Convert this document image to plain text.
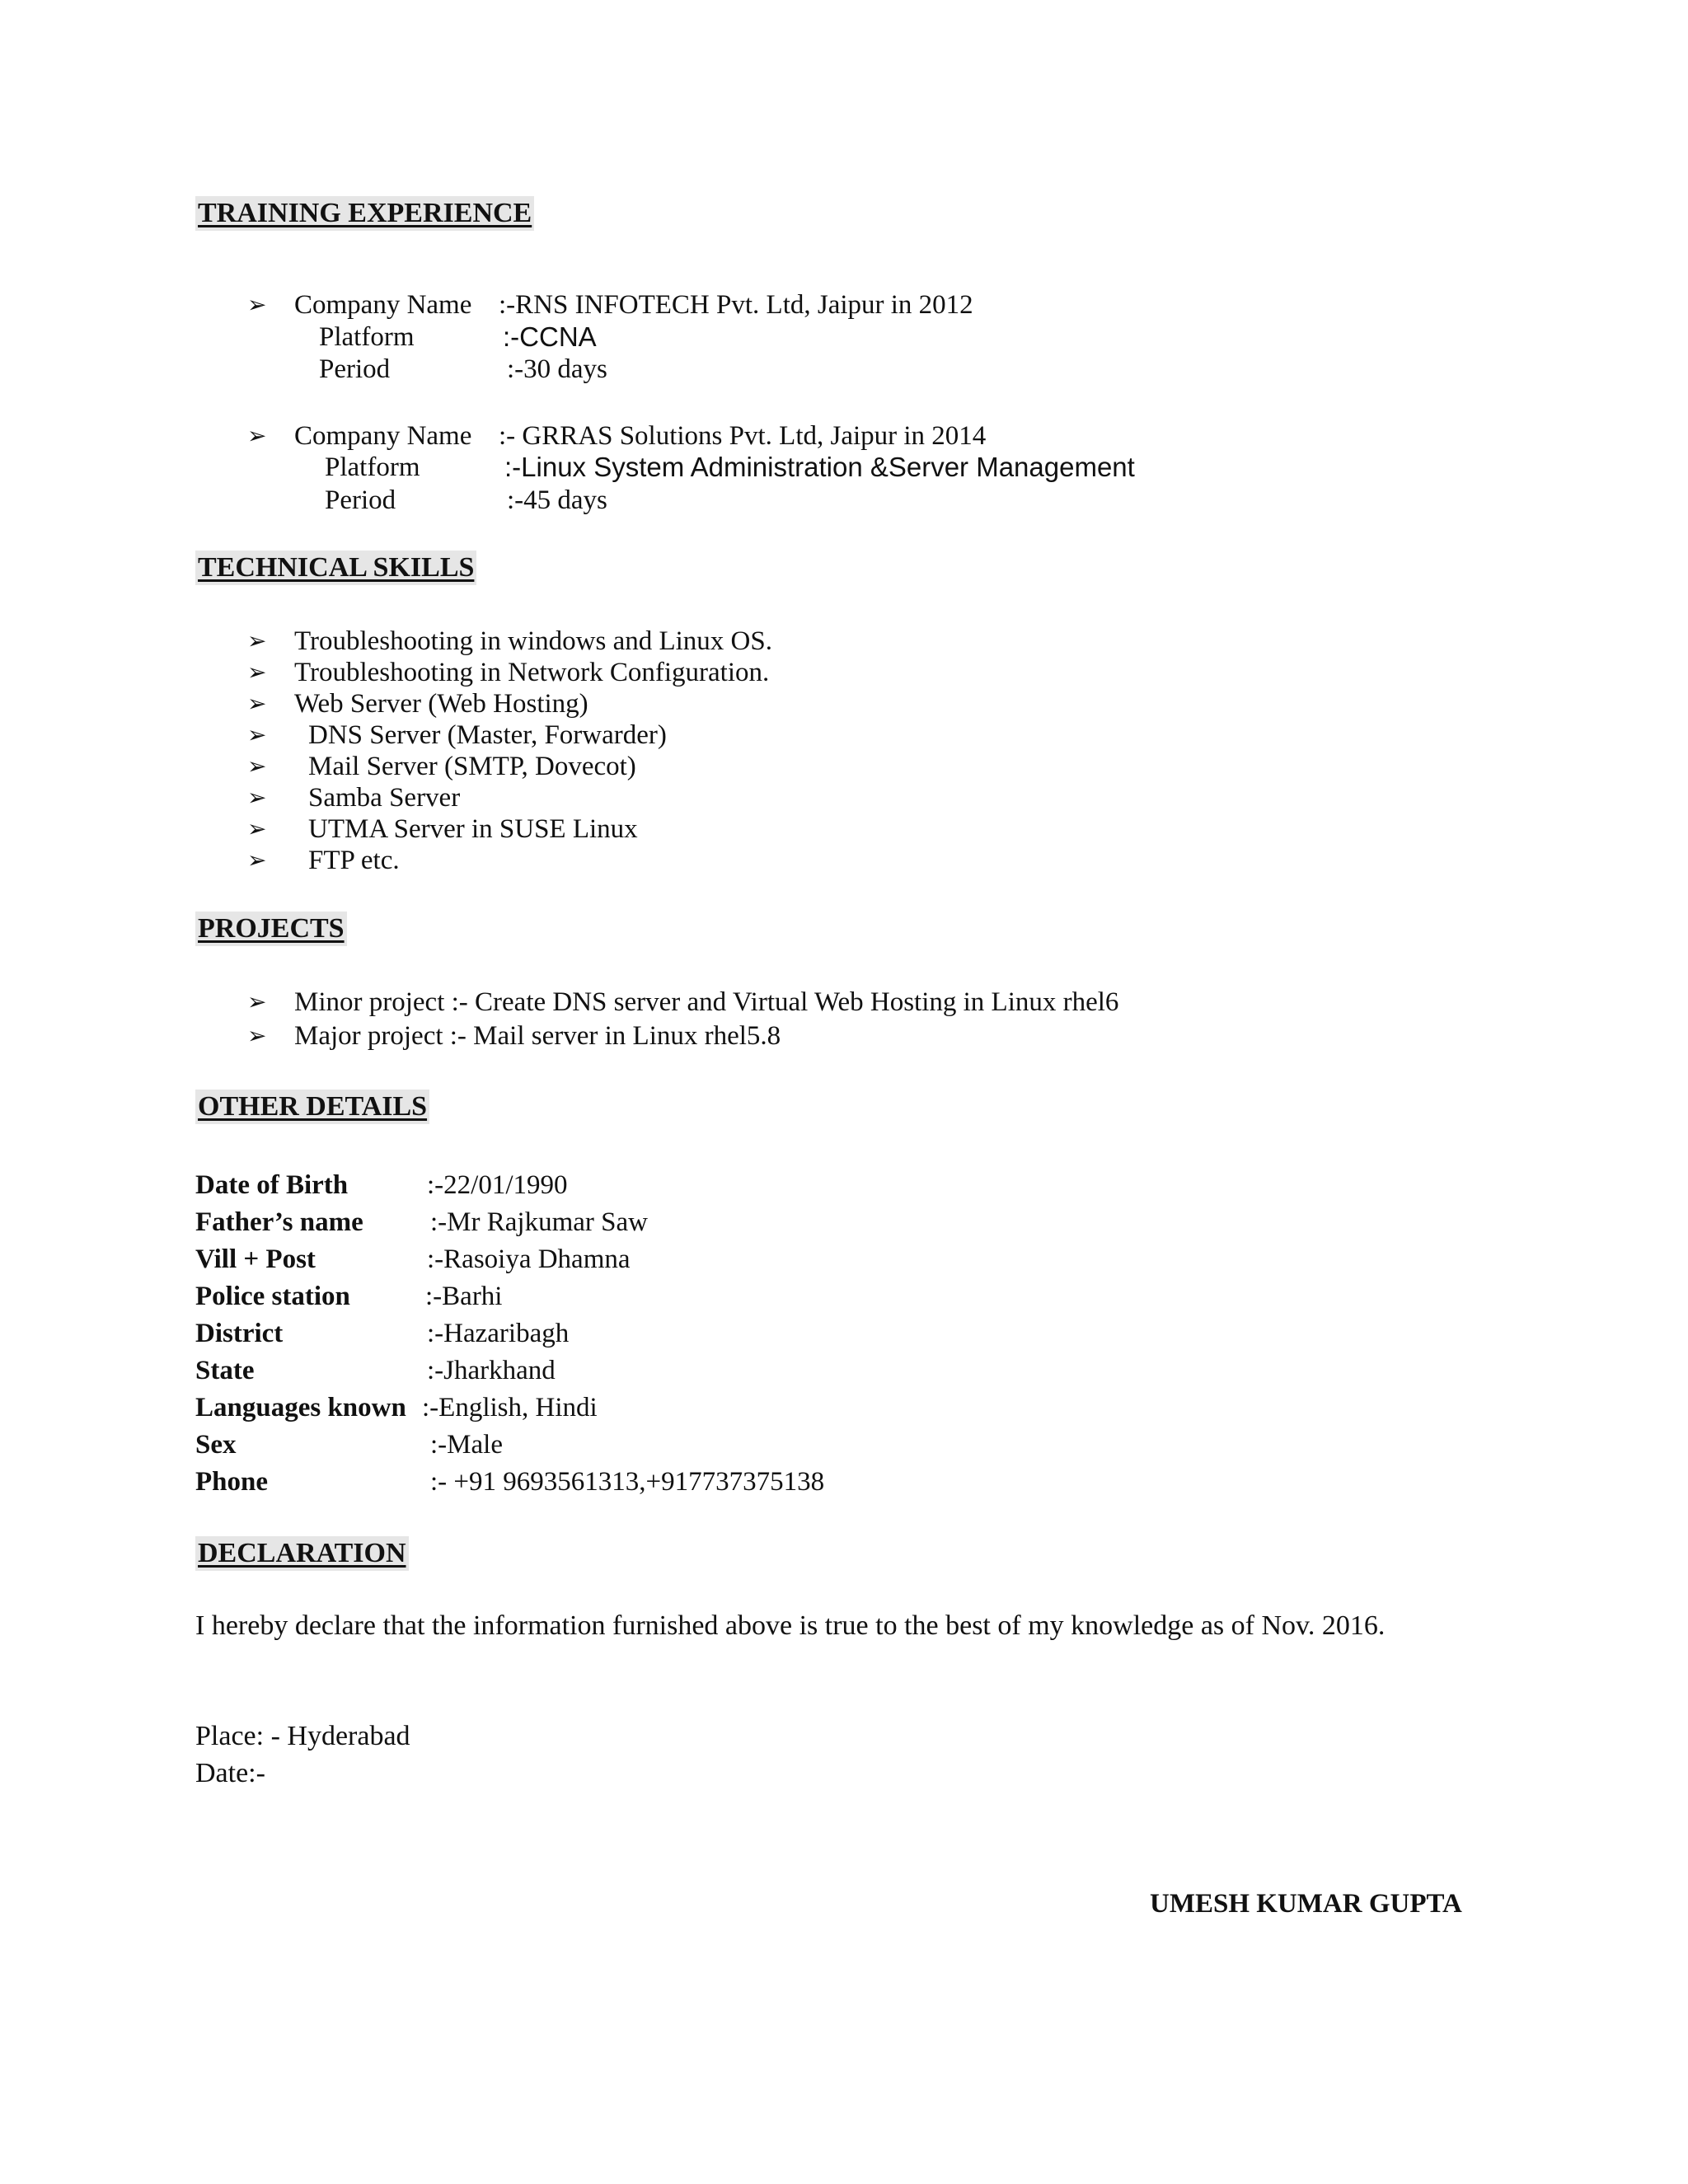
TRAINING EXPERIENCE
➢ Company Name :-RNS INFOTECH Pvt. Ltd, Jaipur in 2012
Platform	:-CCNA
Period	:-30 days
➢ Company Name :- GRRAS Solutions Pvt. Ltd, Jaipur in 2014
Platform	:-Linux System Administration &Server Management
Period	:-45 days
TECHNICAL SKILLS
➢ Troubleshooting in windows and Linux OS.
➢ Troubleshooting in Network Configuration.
➢ Web Server (Web Hosting)
➢ DNS Server (Master, Forwarder)
➢ Mail Server (SMTP, Dovecot)
➢ Samba Server
➢ UTMA Server in SUSE Linux
➢ FTP etc.
PROJECTS
➢ Minor project :- Create DNS server and Virtual Web Hosting in Linux rhel6
➢ Major project :- Mail server in Linux rhel5.8
OTHER DETAILS
Date of Birth	:-22/01/1990
Father’s name :-Mr Rajkumar Saw
Vill + Post	:-Rasoiya Dhamna
Police station	:-Barhi
District	:-Hazaribagh
State	:-Jharkhand
Languages known :-English, Hindi
Sex	:-Male
Phone	:- +91 9693561313,+917737375138
DECLARATION
I hereby declare that the information furnished above is true to the best of my knowledge as of Nov. 2016.
Place: - Hyderabad
Date:-
UMESH KUMAR GUPTA
